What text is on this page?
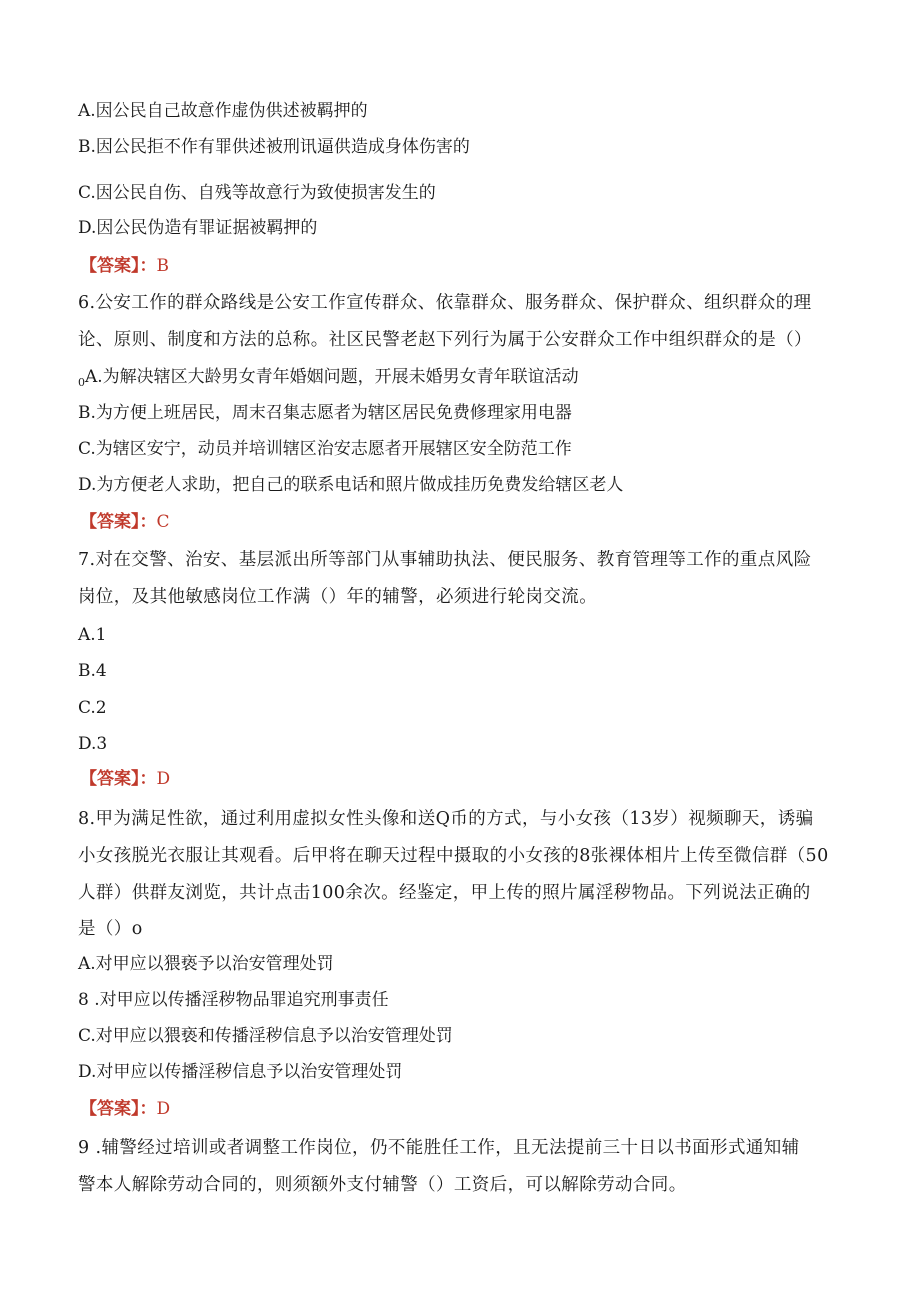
A.因公民自己故意作虚伪供述被羁押的
B.因公民拒不作有罪供述被刑讯逼供造成身体伤害的
C.因公民自伤、自残等故意行为致使损害发生的
D.因公民伪造有罪证据被羁押的
【答案】：B
6.公安工作的群众路线是公安工作宣传群众、依靠群众、服务群众、保护群众、组织群众的理
论、原则、制度和方法的总称。社区民警老赵下列行为属于公安群众工作中组织群众的是（）
$_0$A.为解决辖区大龄男女青年婚姻问题，开展未婚男女青年联谊活动
B.为方便上班居民，周末召集志愿者为辖区居民免费修理家用电器
C.为辖区安宁，动员并培训辖区治安志愿者开展辖区安全防范工作
D.为方便老人求助，把自己的联系电话和照片做成挂历免费发给辖区老人
【答案】：C
7.对在交警、治安、基层派出所等部门从事辅助执法、便民服务、教育管理等工作的重点风险
岗位，及其他敏感岗位工作满（）年的辅警，必须进行轮岗交流。
A.1
B.4
C.2
D.3
【答案】：D
8.甲为满足性欲，通过利用虚拟女性头像和送Q币的方式，与小女孩（13岁）视频聊天，诱骗
小女孩脱光衣服让其观看。后甲将在聊天过程中摄取的小女孩的8张裸体相片上传至微信群（50
人群）供群友浏览，共计点击100余次。经鉴定，甲上传的照片属淫秽物品。下列说法正确的
是（）o
A.对甲应以猥亵予以治安管理处罚
8 .对甲应以传播淫秽物品罪追究刑事责任
C.对甲应以猥亵和传播淫秽信息予以治安管理处罚
D.对甲应以传播淫秽信息予以治安管理处罚
【答案】：D
9 .辅警经过培训或者调整工作岗位，仍不能胜任工作，且无法提前三十日以书面形式通知辅
警本人解除劳动合同的，则须额外支付辅警（）工资后，可以解除劳动合同。
